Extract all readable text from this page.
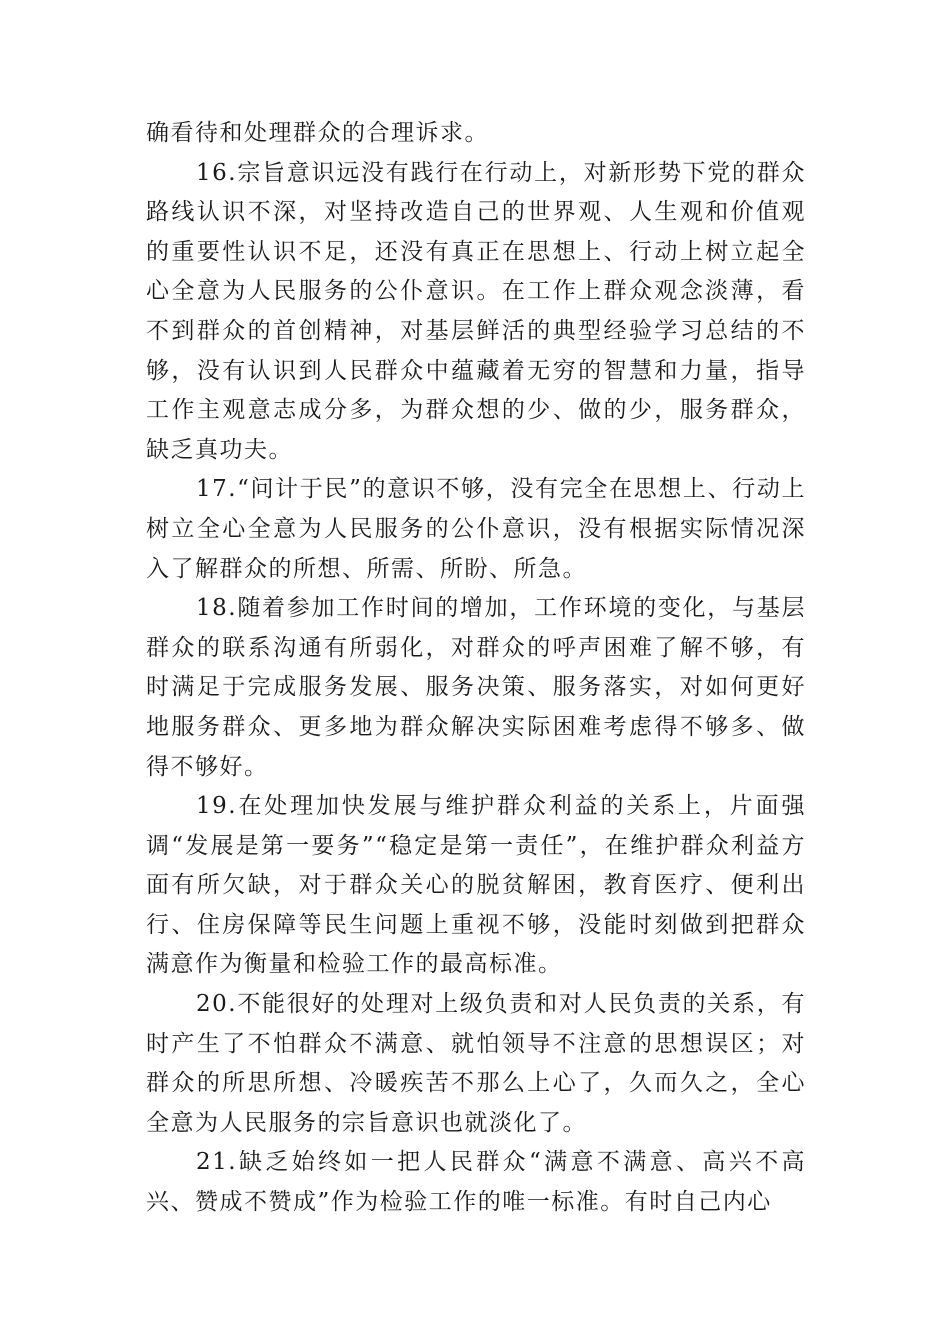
确看待和处理群众的合理诉求。

16.宗旨意识远没有践行在行动上，对新形势下党的群众路线认识不深，对坚持改造自己的世界观、人生观和价值观的重要性认识不足，还没有真正在思想上、行动上树立起全心全意为人民服务的公仆意识。在工作上群众观念淡薄，看不到群众的首创精神，对基层鲜活的典型经验学习总结的不够，没有认识到人民群众中蕴藏着无穷的智慧和力量，指导工作主观意志成分多，为群众想的少、做的少，服务群众，缺乏真功夫。

17.“问计于民”的意识不够，没有完全在思想上、行动上树立全心全意为人民服务的公仆意识，没有根据实际情况深入了解群众的所想、所需、所盼、所急。

18.随着参加工作时间的增加，工作环境的变化，与基层群众的联系沟通有所弱化，对群众的呼声困难了解不够，有时满足于完成服务发展、服务决策、服务落实，对如何更好地服务群众、更多地为群众解决实际困难考虑得不够多、做得不够好。

19.在处理加快发展与维护群众利益的关系上，片面强调“发展是第一要务”“稳定是第一责任”，在维护群众利益方面有所欠缺，对于群众关心的脱贫解困，教育医疗、便利出行、住房保障等民生问题上重视不够，没能时刻做到把群众满意作为衡量和检验工作的最高标准。

20.不能很好的处理对上级负责和对人民负责的关系，有时产生了不怕群众不满意、就怕领导不注意的思想误区；对群众的所思所想、冷暖疾苦不那么上心了，久而久之，全心全意为人民服务的宗旨意识也就淡化了。

21.缺乏始终如一把人民群众“满意不满意、高兴不高兴、赞成不赞成”作为检验工作的唯一标准。有时自己内心
